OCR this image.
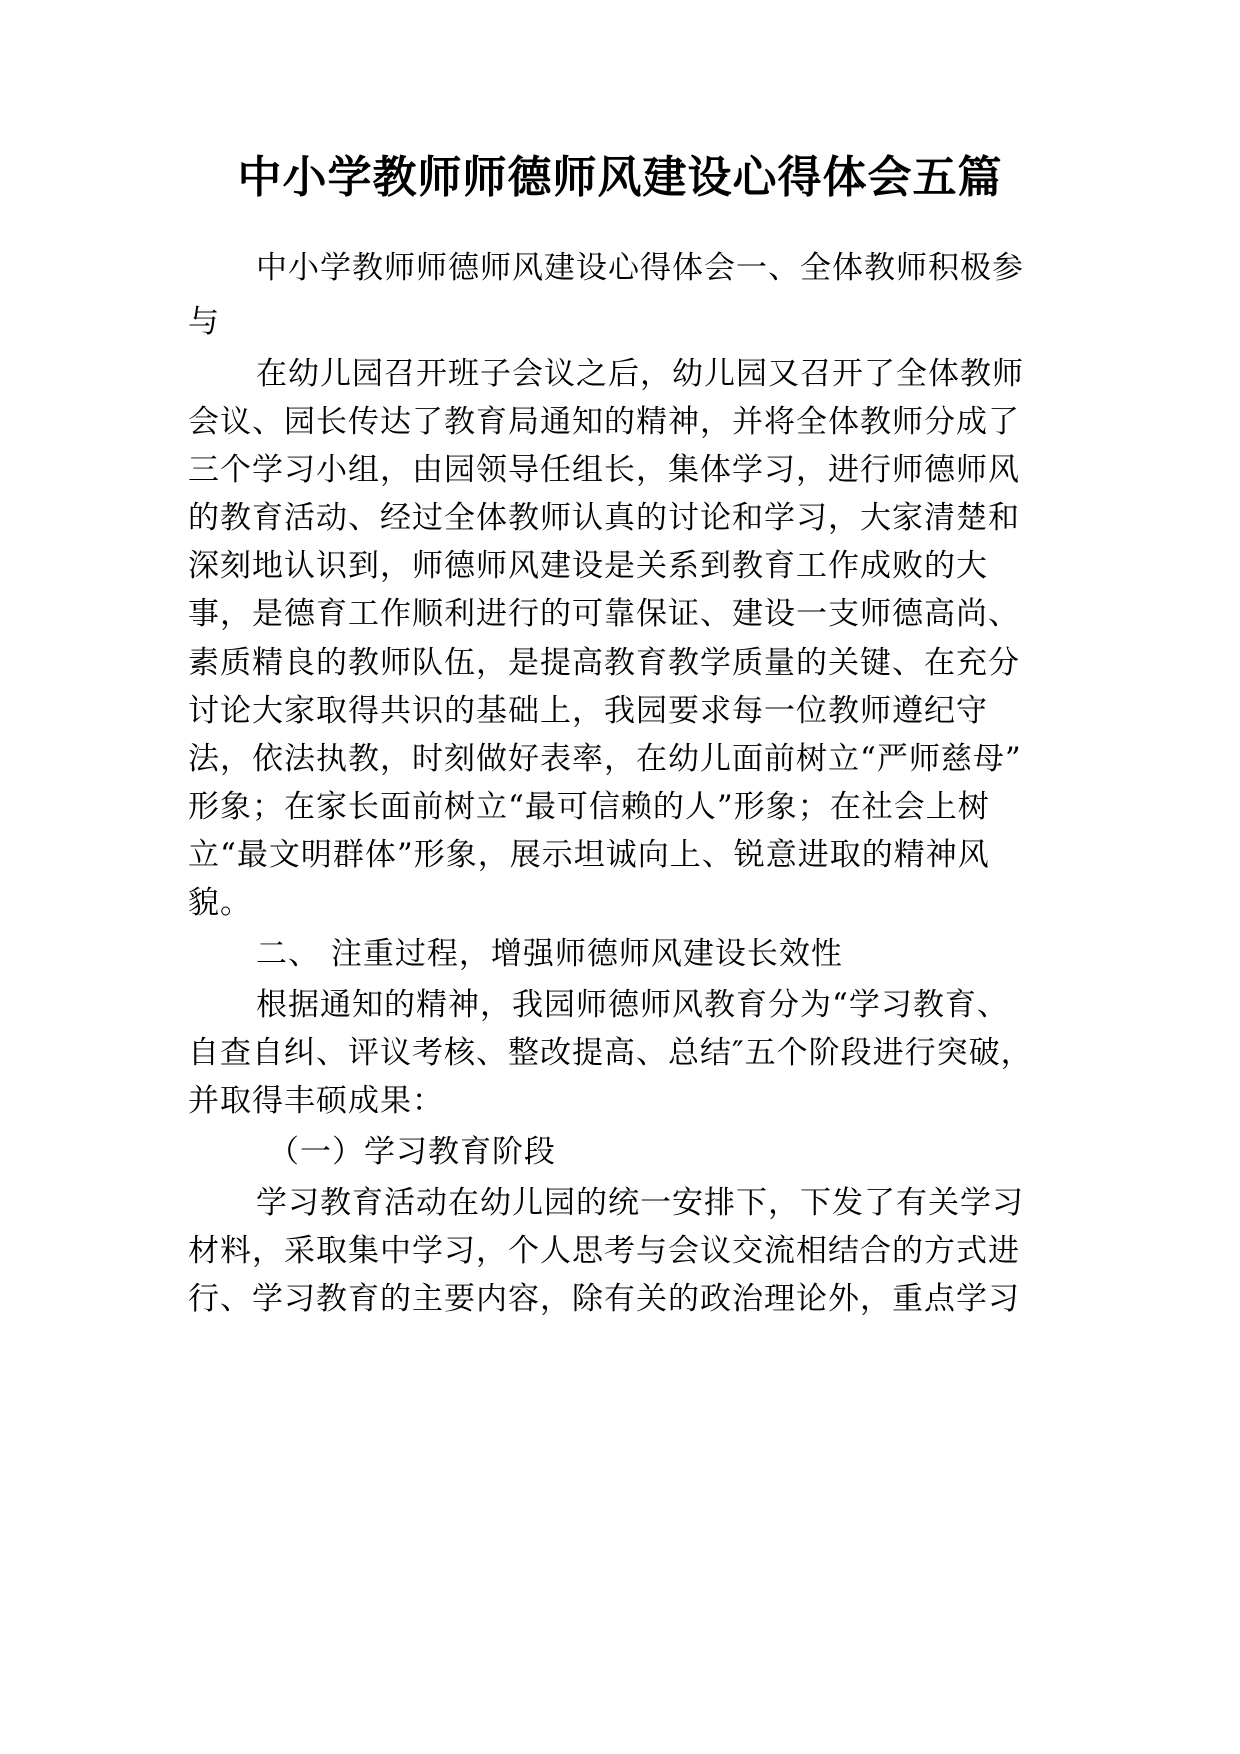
中小学教师师德师风建设心得体会五篇
中小学教师师德师风建设心得体会一、全体教师积极参
与
在幼儿园召开班子会议之后，幼儿园又召开了全体教师
会议、园长传达了教育局通知的精神，并将全体教师分成了
三个学习小组，由园领导任组长，集体学习，进行师德师风
的教育活动、经过全体教师认真的讨论和学习，大家清楚和
深刻地认识到，师德师风建设是关系到教育工作成败的大
事，是德育工作顺利进行的可靠保证、建设一支师德高尚、
素质精良的教师队伍，是提高教育教学质量的关键、在充分
讨论大家取得共识的基础上，我园要求每一位教师遵纪守
法，依法执教，时刻做好表率，在幼儿面前树立“严师慈母”
形象；在家长面前树立“最可信赖的人”形象；在社会上树
立“最文明群体”形象，展示坦诚向上、锐意进取的精神风
貌。
二、 注重过程，增强师德师风建设长效性
根据通知的精神，我园师德师风教育分为“学习教育、
自查自纠、评议考核、整改提高、总结″五个阶段进行突破，
并取得丰硕成果：
（一）学习教育阶段
学习教育活动在幼儿园的统一安排下，下发了有关学习
材料，采取集中学习，个人思考与会议交流相结合的方式进
行、学习教育的主要内容，除有关的政治理论外，重点学习
